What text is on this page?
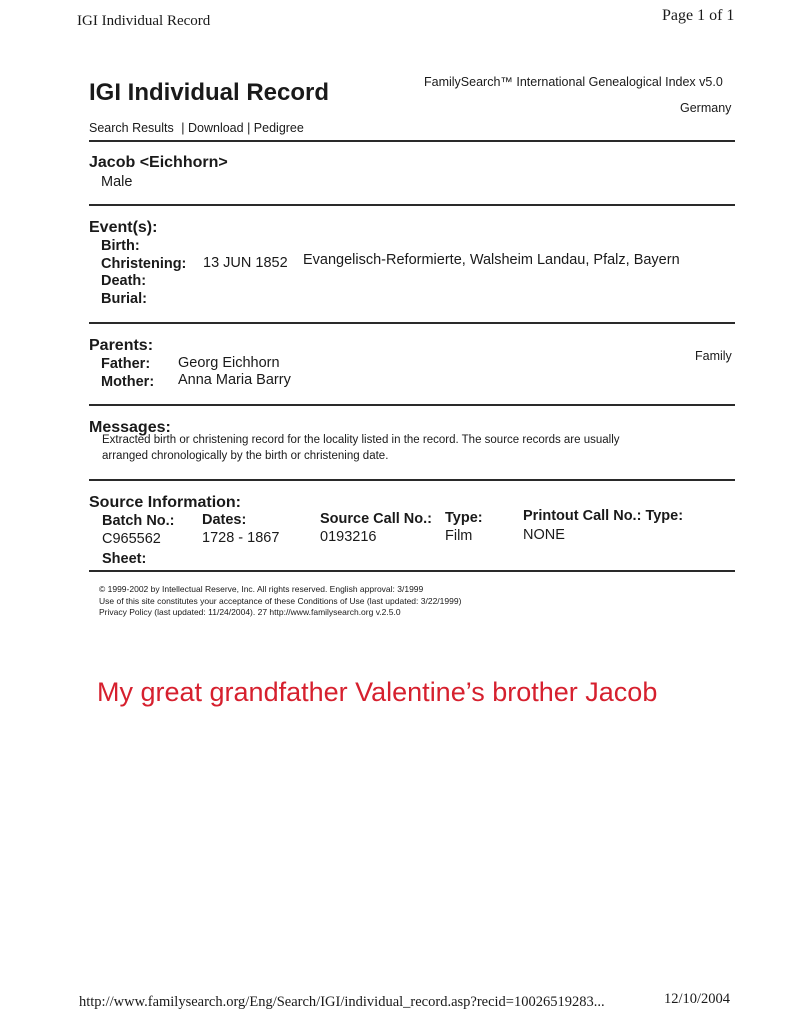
IGI Individual Record	Page 1 of 1
IGI Individual Record	FamilySearch™ International Genealogical Index v5.0
Germany
Search Results | Download | Pedigree
Jacob <Eichhorn>
Male
Event(s):
Birth:
Christening: 13 JUN 1852 Evangelisch-Reformierte, Walsheim Landau, Pfalz, Bayern
Death:
Burial:
Parents:
Father: Georg Eichhorn
Mother: Anna Maria Barry
Family
Messages:
Extracted birth or christening record for the locality listed in the record. The source records are usually
arranged chronologically by the birth or christening date.
Source Information:
Batch No.:
C965562
Dates:
1728 - 1867
Source Call No.:
0193216
Type:
Film
Printout Call No.: Type:
NONE
Sheet:
© 1999-2002 by Intellectual Reserve, Inc. All rights reserved. English approval: 3/1999
Use of this site constitutes your acceptance of these Conditions of Use (last updated: 3/22/1999)
Privacy Policy (last updated: 11/24/2004). 27 http://www.familysearch.org v.2.5.0
My great grandfather Valentine’s brother Jacob
http://www.familysearch.org/Eng/Search/IGI/individual_record.asp?recid=10026519283...	12/10/2004
